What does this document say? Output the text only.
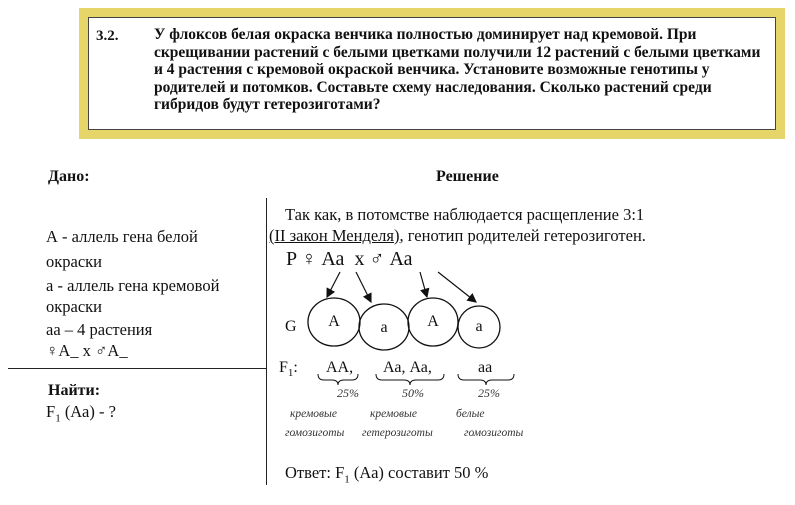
3.2. У флоксов белая окраска венчика полностью доминирует над кремовой. При
скрещивании растений с белыми цветками получили 12 растений с белыми цветками
и 4 растения с кремовой окраской венчика. Установите возможные генотипы у
родителей и потомков. Составьте схему наследования. Сколько растений среди
гибридов будут гетерозиготами?
Дано:	Решение
А - аллель гена белой
окраски
а - аллель гена кремовой
окраски
аа – 4 растения
♀А_ х ♂А_
Найти:
$F_1$ (Аа) - ?
Так как, в потомстве наблюдается расщепление 3:1
(II закон Менделя), генотип родителей гетерозиготен.
P ♀ Аа  х ♂ Аа
G	А	а	А	а
$F_1$: АА, Аа, Аа,	аа
25%	50%	25%
кремовые	кремовые	белые
гомозиготы гетерозиготы	гомозиготы
Ответ: $F_1$ (Аа) составит 50 %
